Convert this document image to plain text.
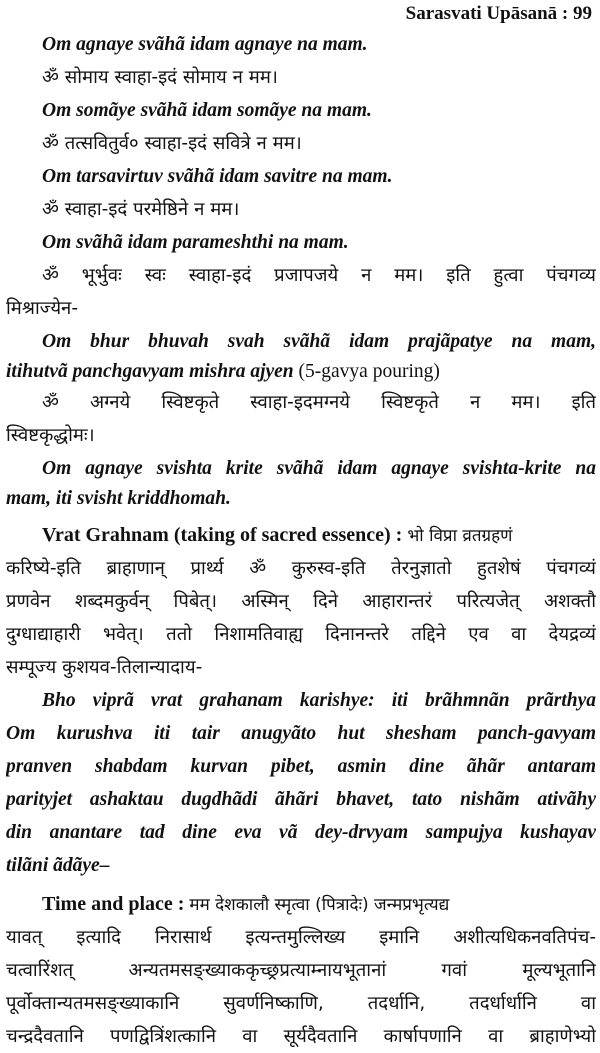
Sarasvati Upāsanā : 99
Om agnaye svãhã idam agnaye na mam.
ॐ सोमाय स्वाहा-इदं सोमाय न मम।
Om somãye svãhã idam somãye na mam.
ॐ तत्सवितुर्व० स्वाहा-इदं सवित्रे न मम।
Om tarsavirtuv svãhã idam savitre na mam.
ॐ स्वाहा-इदं परमेष्ठिने न मम।
Om svãhã idam parameshthi na mam.
ॐ भूर्भुवः स्वः स्वाहा-इदं प्रजापजये न मम। इति हुत्वा पंचगव्य
मिश्राज्येन-
Om bhur bhuvah svah svãhã idam prajãpatye na mam,
itihutvã panchgavyam mishra ajyen (5-gavya pouring)
ॐ अग्नये स्विष्टकृते स्वाहा-इदमग्नये स्विष्टकृते न मम। इति
स्विष्टकृद्धोमः।
Om agnaye svishta krite svãhã idam agnaye svishta-krite na
mam, iti svisht kriddhomah.
Vrat Grahnam (taking of sacred essence) : भो विप्रा व्रतग्रहणं
करिष्ये-इति ब्राहाणान् प्रार्थ्य ॐ कुरुस्व-इति तेरनुज्ञातो हुतशेषं पंचगव्यं
प्रणवेन शब्दमकुर्वन् पिबेत्। अस्मिन् दिने आहारान्तरं परित्यजेत् अशक्तौ
दुग्धाद्याहारी भवेत्। ततो निशामतिवाह्य दिनानन्तरे तद्दिने एव वा देयद्रव्यं
सम्पूज्य कुशयव-तिलान्यादाय-
Bho viprã vrat grahanam karishye: iti brãhmnãn prãrthya
Om kurushva iti tair anugyãto hut shesham panch-gavyam
pranven shabdam kurvan pibet, asmin dine ãhãr antaram
parityjet ashaktau dugdhãdi ãhãri bhavet, tato nishãm ativãhy
din anantare tad dine eva vã dey-drvyam sampujya kushayav
tilãni ãdãye–
Time and place : मम देशकालौ स्मृत्वा (पित्रादेः) जन्मप्रभृत्यद्य
यावत् इत्यादि निरासार्थ इत्यन्तमुल्लिख्य इमानि अशीत्यधिकनवतिपंच-
चत्वारिंशत् अन्यतमसङ्ख्याककृच्छ्रप्रत्याम्नायभूतानां गवां मूल्यभूतानि
पूर्वोक्तान्यतमसङ्ख्याकानि सुवर्णनिष्काणि, तदर्धानि, तदर्धार्धानि वा
चन्द्रदैवतानि पणद्वित्रिंशत्कानि वा सूर्यदैवतानि कार्षापणानि वा ब्राहाणेभ्यो
